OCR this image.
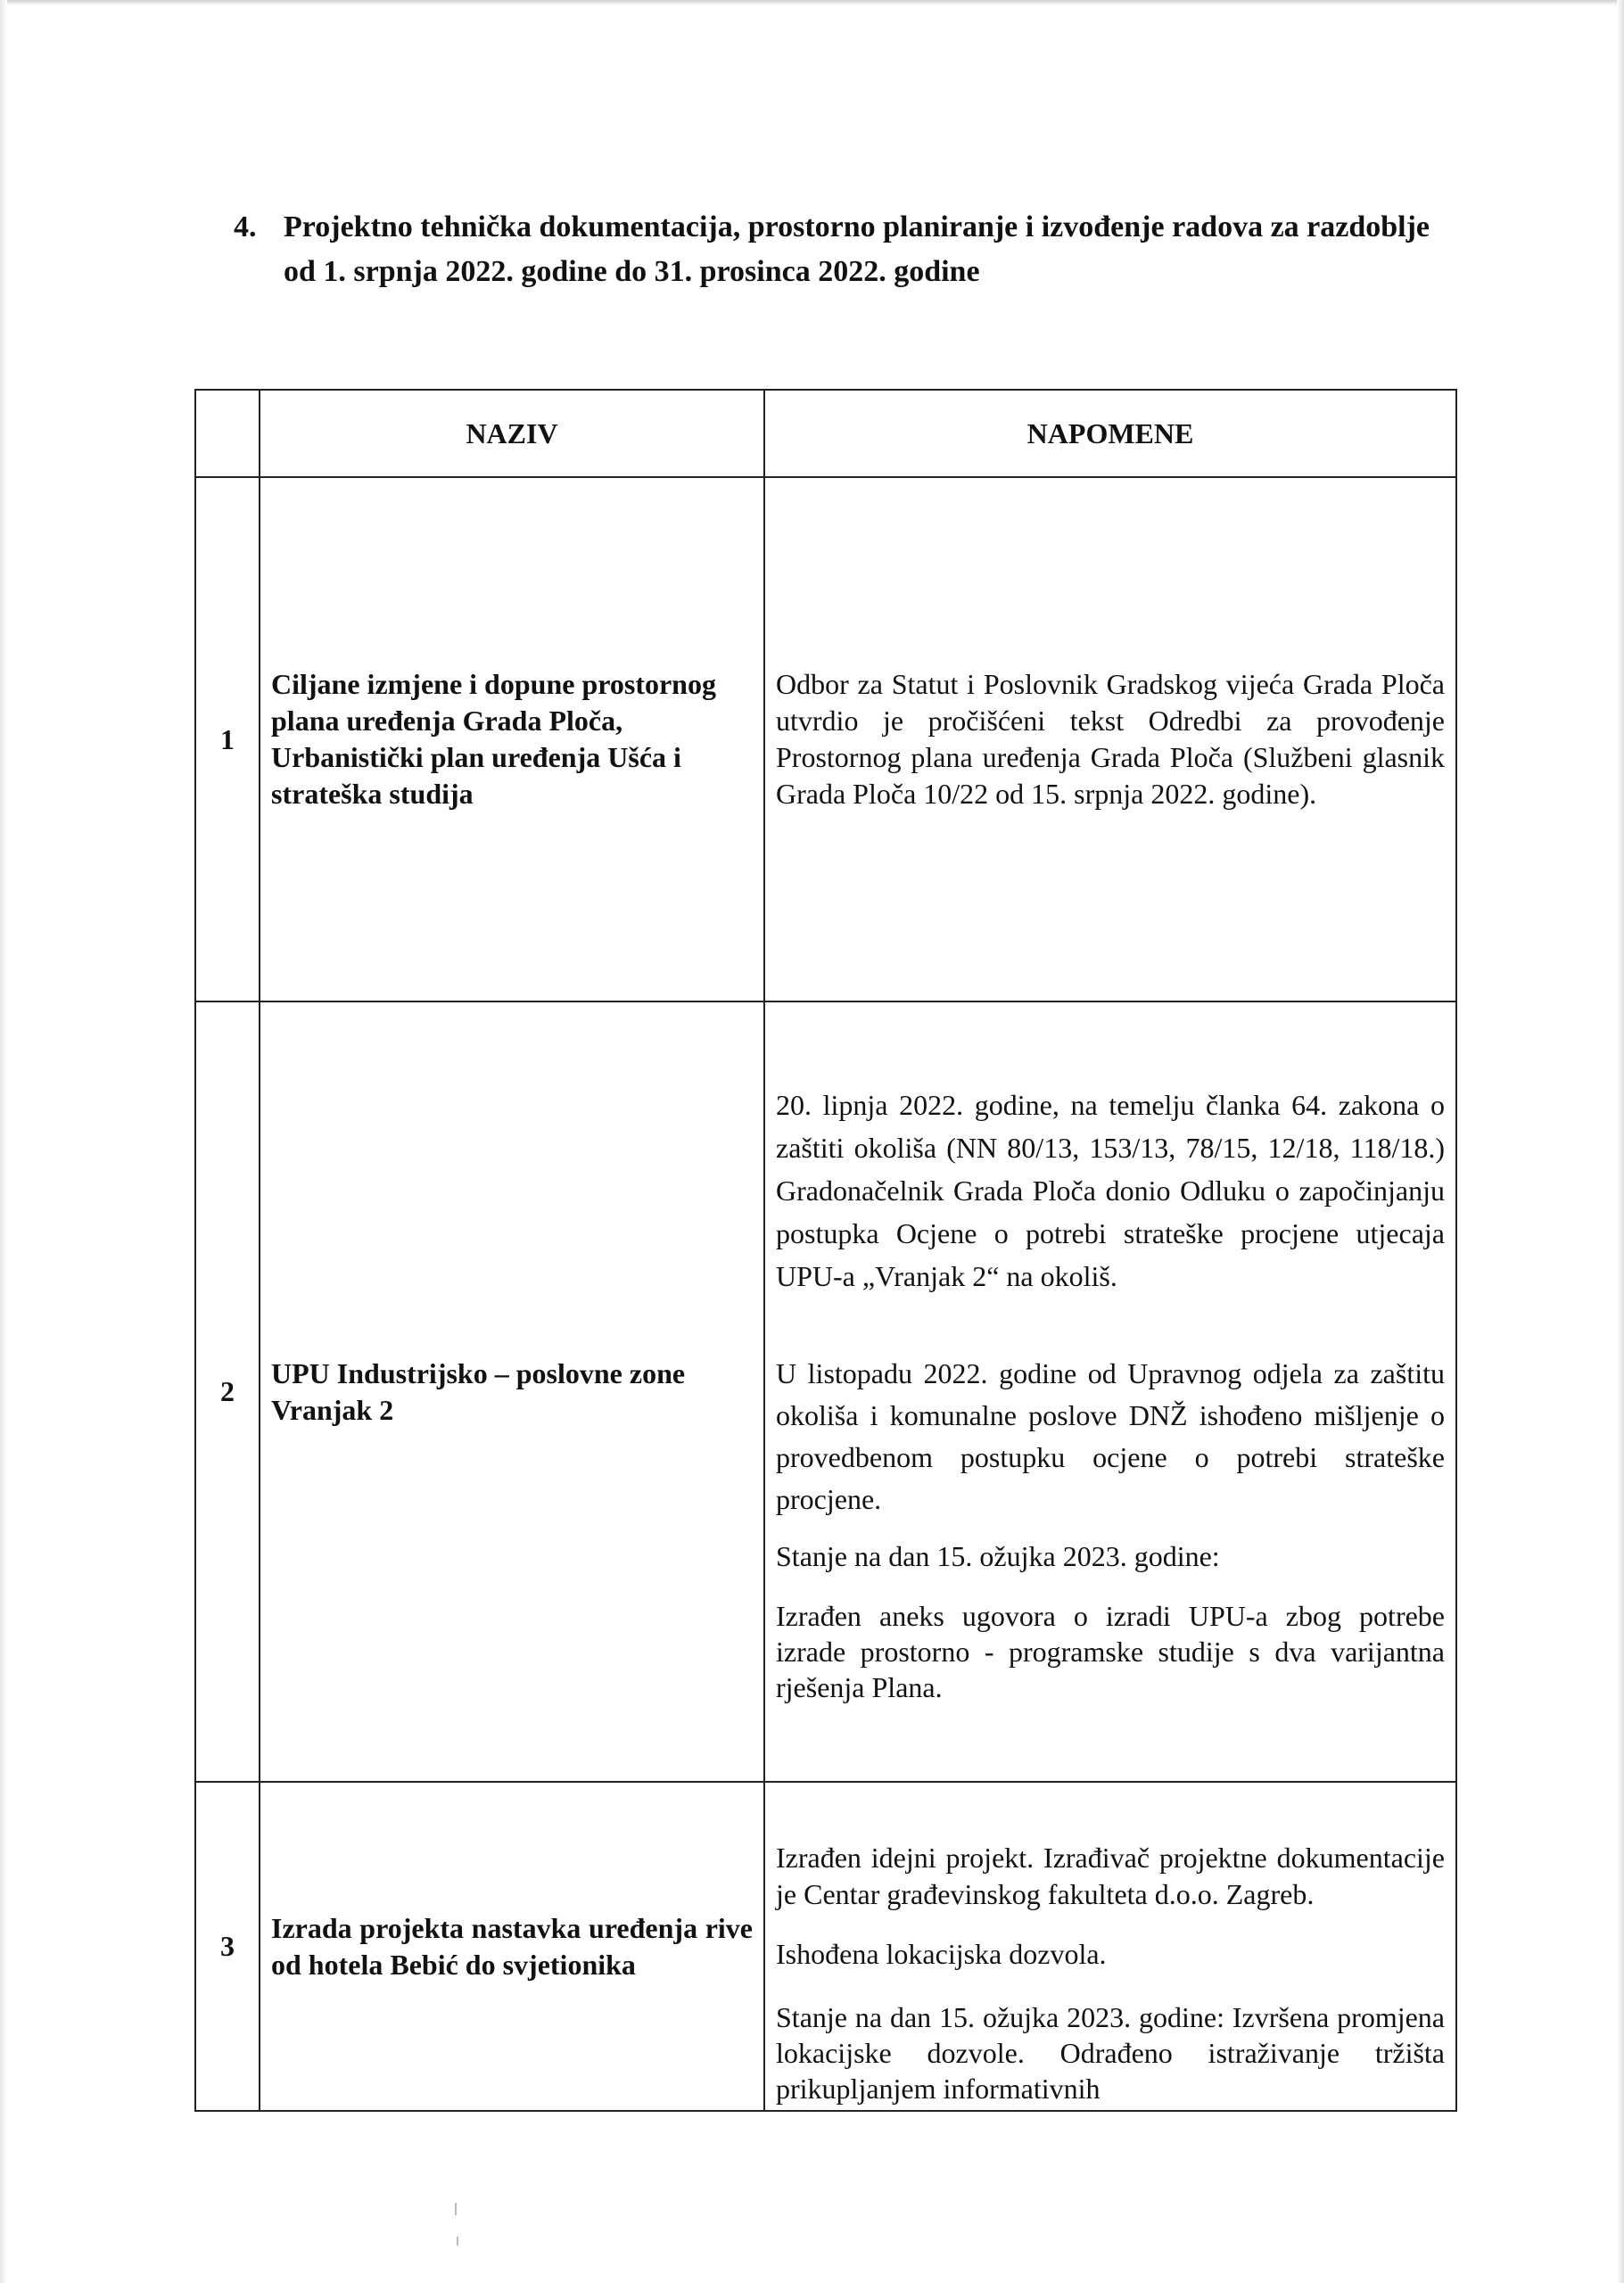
4. Projektno tehnička dokumentacija, prostorno planiranje i izvođenje radova za razdoblje od 1. srpnja 2022. godine do 31. prosinca 2022. godine
	NAZIV	NAPOMENE
1	Ciljane izmjene i dopune prostornog plana uređenja Grada Ploča, Urbanistički plan uređenja Ušća i strateška studija	Odbor za Statut i Poslovnik Gradskog vijeća Grada Ploča utvrdio je pročišćeni tekst Odredbi za provođenje Prostornog plana uređenja Grada Ploča (Službeni glasnik Grada Ploča 10/22 od 15. srpnja 2022. godine).

2	UPU Industrijsko – poslovne zone Vranjak 2	20. lipnja 2022. godine, na temelju članka 64. zakona o zaštiti okoliša (NN 80/13, 153/13, 78/15, 12/18, 118/18.) Gradonačelnik Grada Ploča donio Odluku o započinjanju postupka Ocjene o potrebi strateške procjene utjecaja UPU-a „Vranjak 2“ na okoliš.

U listopadu 2022. godine od Upravnog odjela za zaštitu okoliša i komunalne poslove DNŽ ishođeno mišljenje o provedbenom postupku ocjene o potrebi strateške procjene.

Stanje na dan 15. ožujka 2023. godine:

Izrađen aneks ugovora o izradi UPU-a zbog potrebe izrade prostorno - programske studije s dva varijantna rješenja Plana.

3	Izrada projekta nastavka uređenja rive od hotela Bebić do svjetionika	Izrađen idejni projekt. Izrađivač projektne dokumentacije je Centar građevinskog fakulteta d.o.o. Zagreb.

Ishođena lokacijska dozvola.

Stanje na dan 15. ožujka 2023. godine: Izvršena promjena lokacijske dozvole. Odrađeno istraživanje tržišta prikupljanjem informativnih
